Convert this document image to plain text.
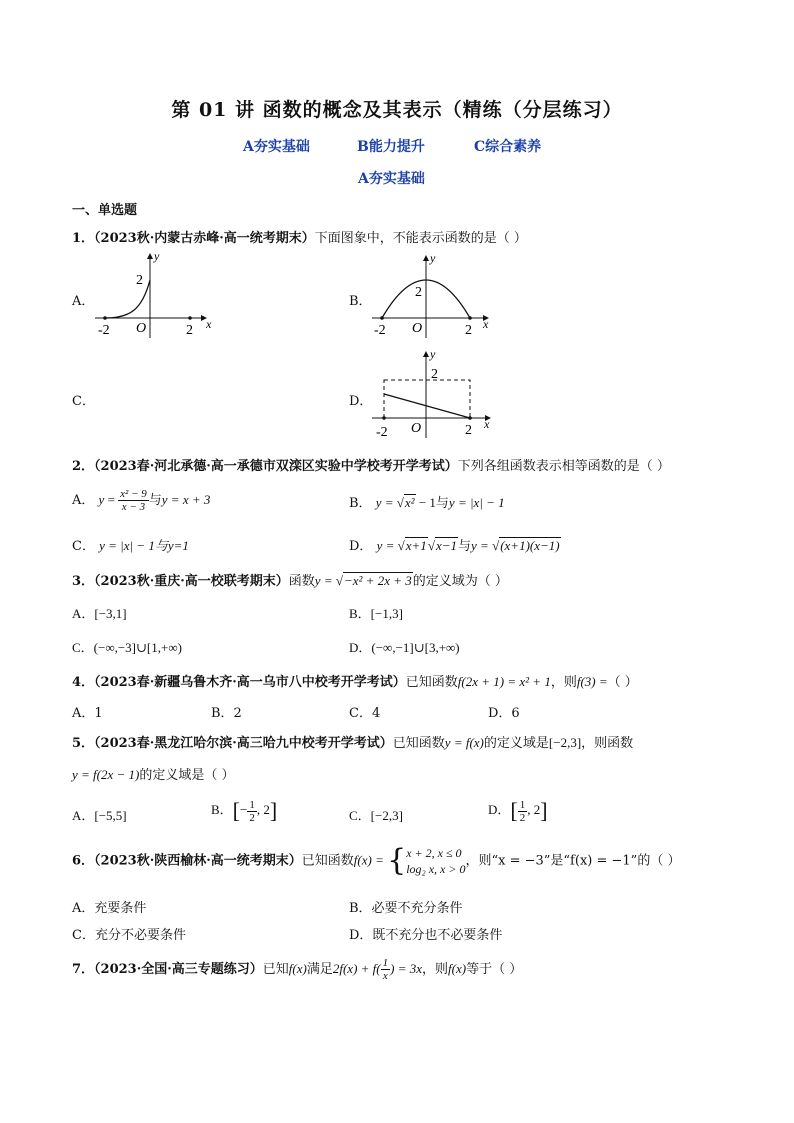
第 01 讲 函数的概念及其表示（精练（分层练习）
A夯实基础	B能力提升	C综合素养
A夯实基础
一、单选题
1．（2023秋·内蒙古赤峰·高一统考期末）下面图象中，不能表示函数的是（ ）
A．
2
-2 O	2 x
y
B．
2
-2 O	2 x
y
C．	D．
2
-2 O	2 x
y
2．（2023春·河北承德·高一承德市双滦区实验中学校考开学考试）下列各组函数表示相等函数的是（ ）
A． $y = \frac{\text{x² − 9}}{x - 3}$ 与y = x + 3	B． y = √x² − 1与y = |x| − 1
C． y = |x| − 1与y=1	D． y = √x+1√x−1与y = √(x+1)(x−1)
3．（2023秋·重庆·高一校联考期末）函数y = √−x² + 2x + 3的定义域为（ ）
A．[−3,1]	B．[−1,3]
C．(−∞,−3]∪[1,+∞)	D．(−∞,−1]∪[3,+∞)
4．（2023春·新疆乌鲁木齐·高一乌市八中校考开学考试）已知函数f(2x + 1) = x² + 1，则f(3) =（ ）
A．1	B．2	C．4	D．6
5．（2023春·黑龙江哈尔滨·高三哈九中校考开学考试）已知函数y = f(x)的定义域是[−2,3]，则函数
y = f(2x − 1)的定义域是（ ）
A．[−5,5]	B．[− $\frac{1}{2}$ , 2]	C．[−2,3]	D．[ $\frac{1}{2}$ , 2]
6．（2023秋·陕西榆林·高一统考期末）已知函数f(x) = { x + 2, x ≤ 0
log₂ x, x > 0
，则“x = −3”是“f(x) = −1”的（ ）
A．充要条件	B．必要不充分条件
C．充分不必要条件	D．既不充分也不必要条件
7．（2023·全国·高三专题练习）已知f(x)满足$2f(x) + f( \frac{1}{x}$ ) = 3x，则f(x)等于（ ）
